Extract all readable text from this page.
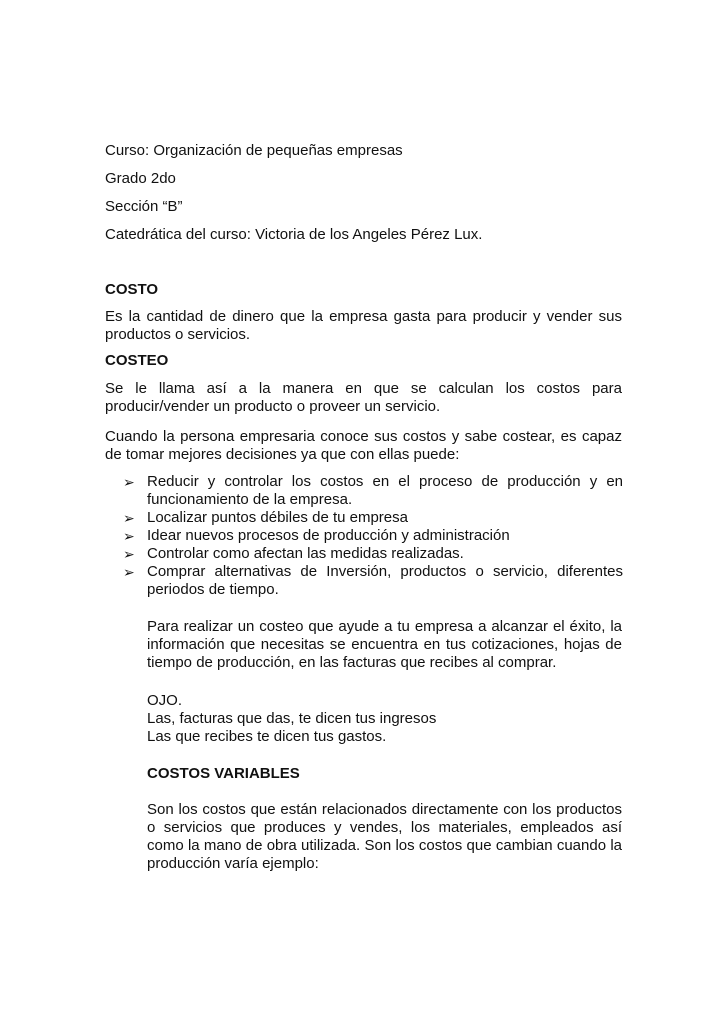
Curso: Organización de pequeñas empresas
Grado 2do
Sección “B”
Catedrática del curso: Victoria de los Angeles Pérez Lux.
COSTO
Es la cantidad de dinero que la empresa gasta para producir y vender sus productos o servicios.
COSTEO
Se le llama así a la manera en que se calculan los costos para producir/vender un producto o proveer un servicio.
Cuando la persona empresaria conoce sus costos y sabe costear, es capaz de tomar mejores decisiones ya que con ellas puede:
➢ Reducir y controlar los costos en el proceso de producción y en funcionamiento de la empresa.
➢ Localizar puntos débiles de tu empresa
➢ Idear nuevos procesos de producción y administración
➢ Controlar como afectan las medidas realizadas.
➢ Comprar alternativas de Inversión, productos o servicio, diferentes periodos de tiempo.
Para realizar un costeo que ayude a tu empresa a alcanzar el éxito, la información que necesitas se encuentra en tus cotizaciones, hojas de tiempo de producción, en las facturas que recibes al comprar.
OJO.
Las, facturas que das, te dicen tus ingresos
Las que recibes te dicen tus gastos.
COSTOS VARIABLES
Son los costos que están relacionados directamente con los productos o servicios que produces y vendes, los materiales, empleados así como la mano de obra utilizada. Son los costos que cambian cuando la producción varía ejemplo:
